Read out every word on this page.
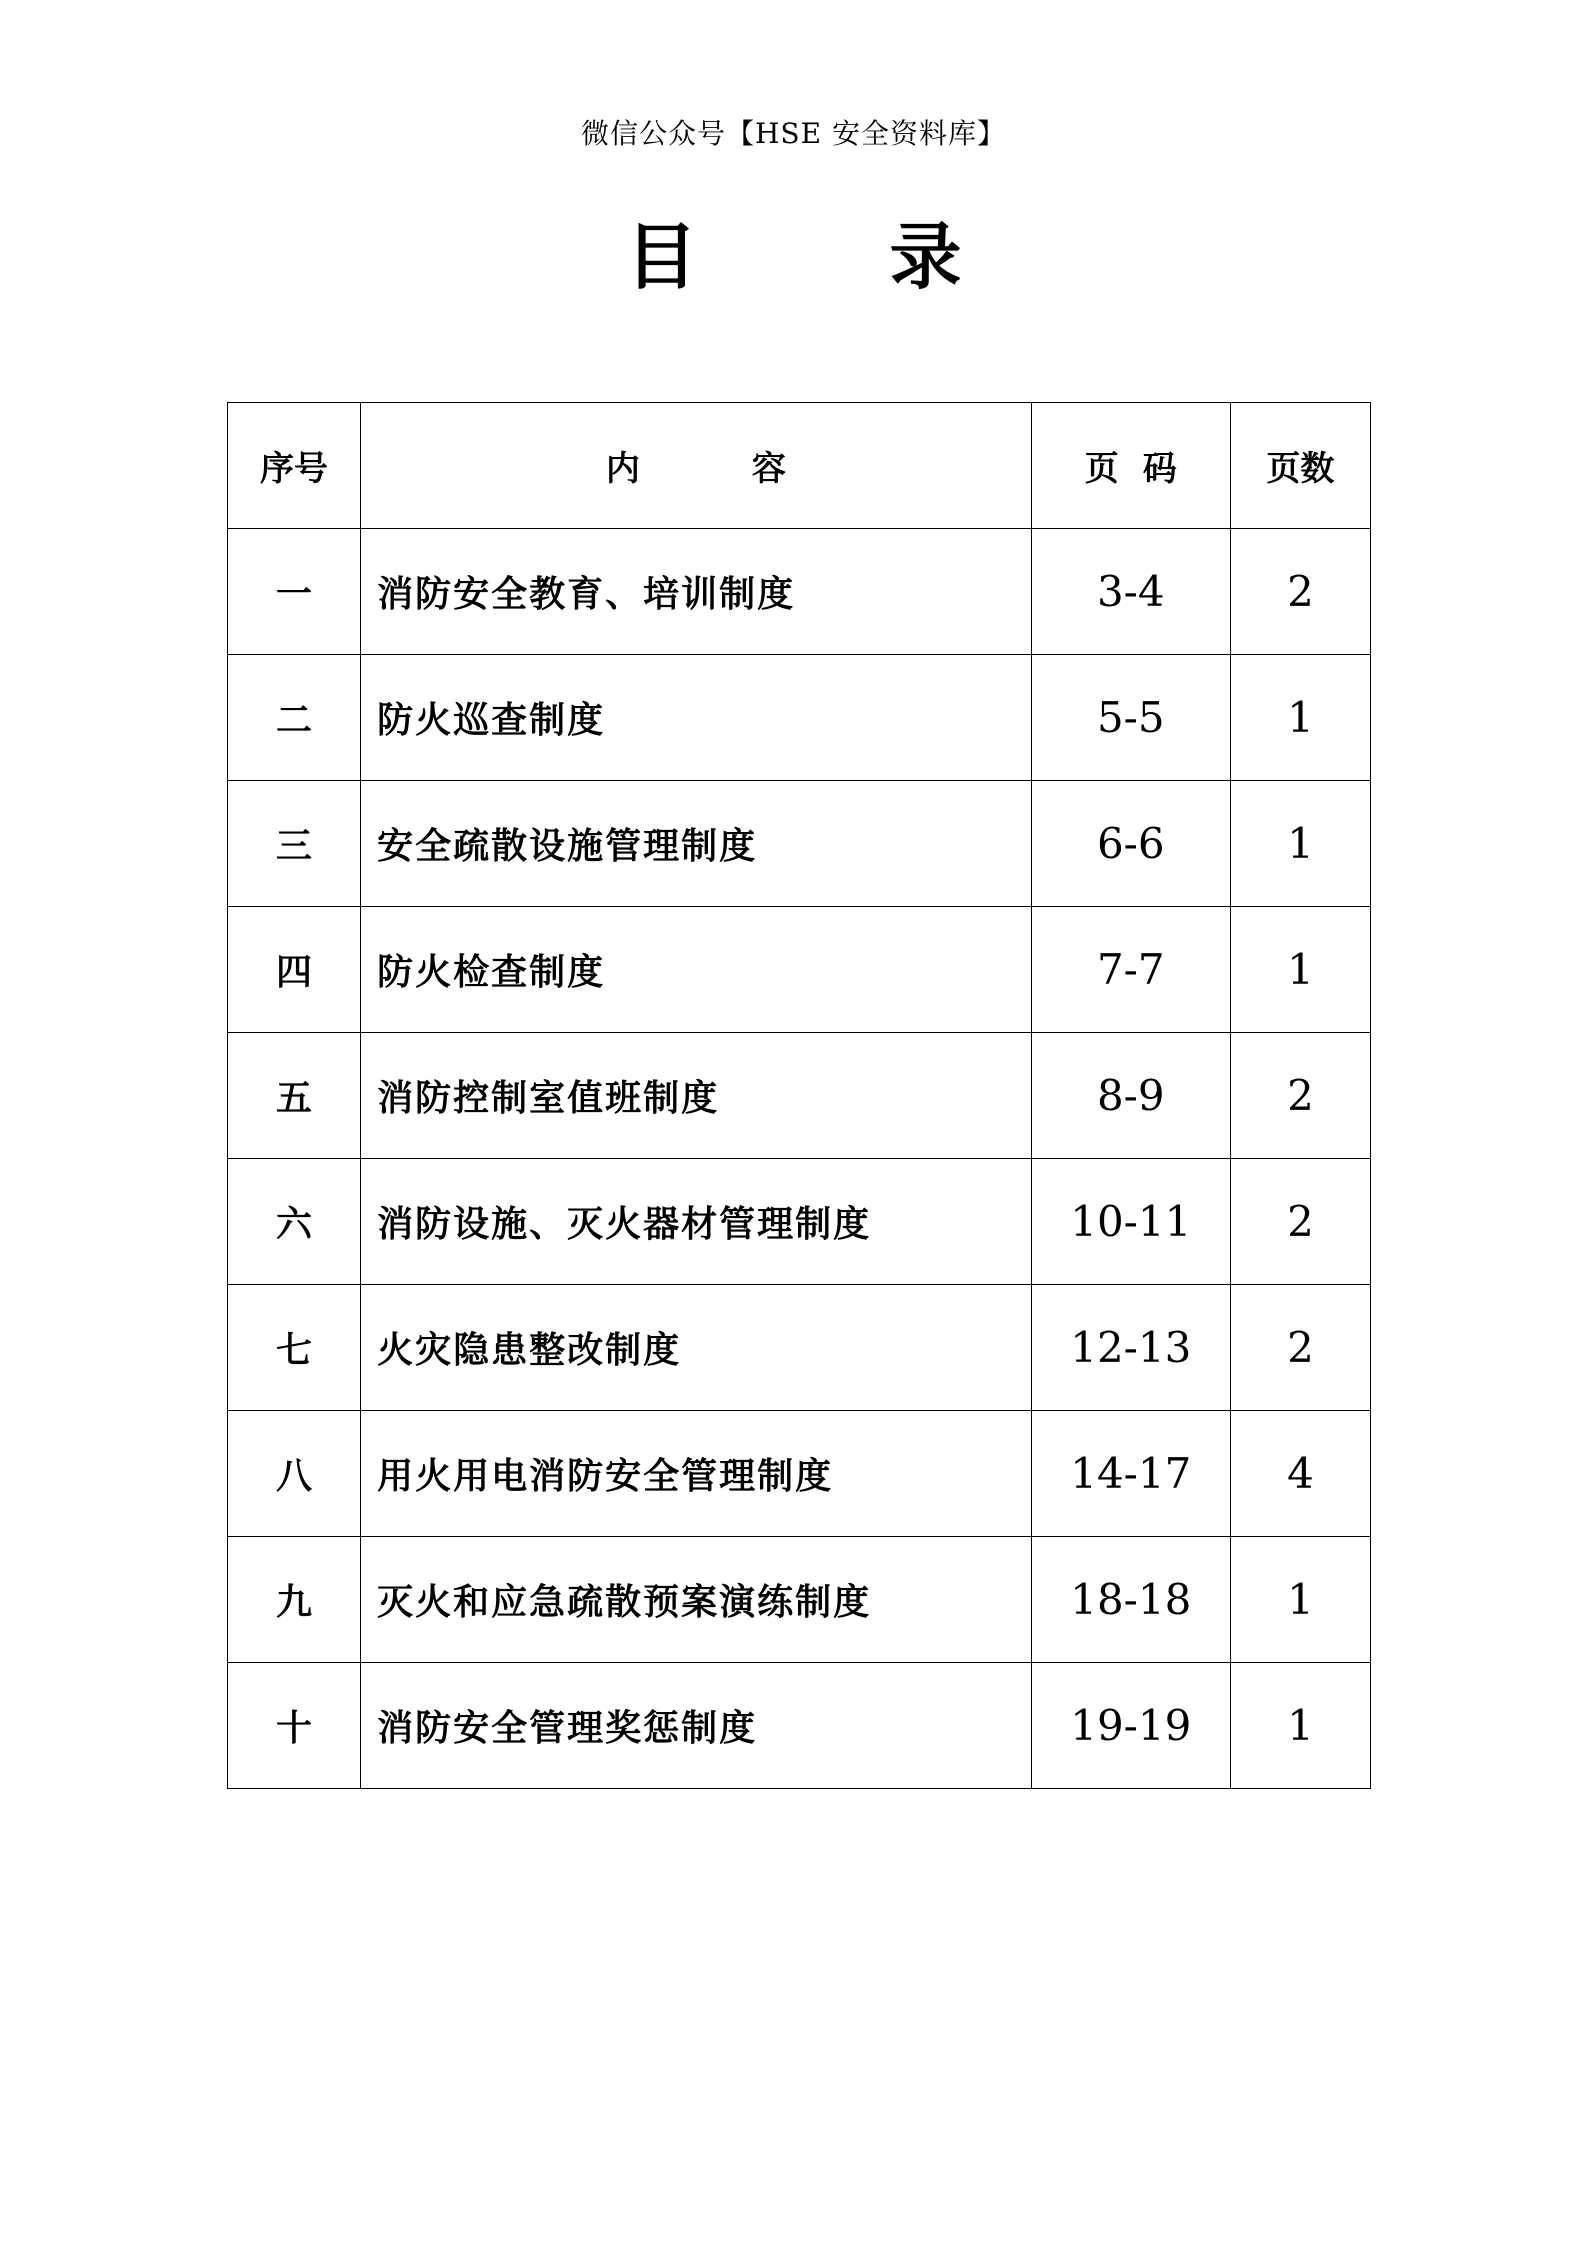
微信公众号【HSE 安全资料库】
目	录
序号	内 容	页 码	页数
一	消防安全教育、培训制度	3-4	2
二	防火巡查制度	5-5	1
三	安全疏散设施管理制度	6-6	1
四	防火检查制度	7-7	1
五	消防控制室值班制度	8-9	2
六	消防设施、灭火器材管理制度	10-11	2
七	火灾隐患整改制度	12-13	2
八	用火用电消防安全管理制度	14-17	4
九	灭火和应急疏散预案演练制度	18-18	1
十	消防安全管理奖惩制度	19-19	1
